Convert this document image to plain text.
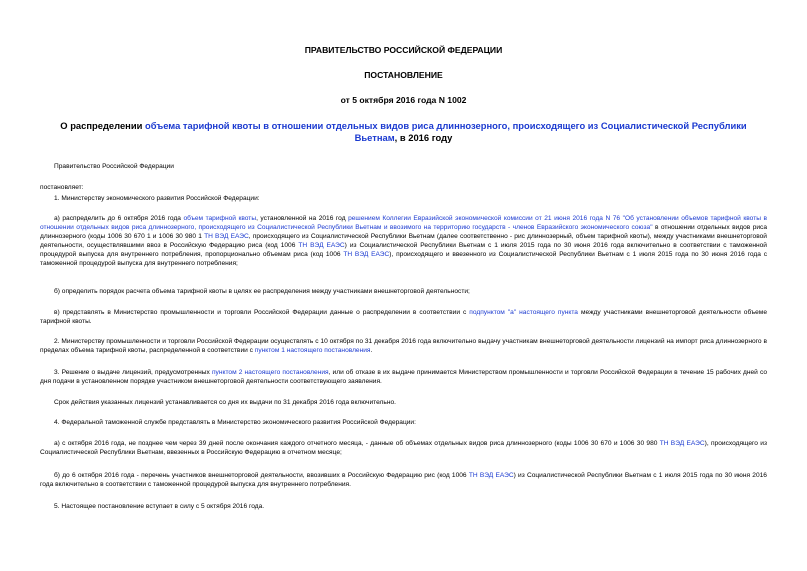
ПРАВИТЕЛЬСТВО РОССИЙСКОЙ ФЕДЕРАЦИИ
ПОСТАНОВЛЕНИЕ
от 5 октября 2016 года N 1002
О распределении объема тарифной квоты в отношении отдельных видов риса длиннозерного, происходящего из Социалистической Республики Вьетнам, в 2016 году
Правительство Российской Федерации
постановляет:
1. Министерству экономического развития Российской Федерации:
а) распределить до 6 октября 2016 года объем тарифной квоты, установленной на 2016 год решением Коллегии Евразийской экономической комиссии от 21 июня 2016 года N 76 "Об установлении объемов тарифной квоты в отношении отдельных видов риса длиннозерного, происходящего из Социалистической Республики Вьетнам и ввозимого на территорию государств - членов Евразийского экономического союза" в отношении отдельных видов риса длиннозерного (коды 1006 30 670 1 и 1006 30 980 1 ТН ВЭД ЕАЭС, происходящего из Социалистической Республики Вьетнам (далее соответственно - рис длиннозерный, объем тарифной квоты), между участниками внешнеторговой деятельности, осуществлявшими ввоз в Российскую Федерацию риса (код 1006 ТН ВЭД ЕАЭС) из Социалистической Республики Вьетнам с 1 июля 2015 года по 30 июня 2016 года включительно в соответствии с таможенной процедурой выпуска для внутреннего потребления, пропорционально объемам риса (код 1006 ТН ВЭД ЕАЭС), происходящего и ввезенного из Социалистической Республики Вьетнам с 1 июля 2015 года по 30 июня 2016 года с таможенной процедурой выпуска для внутреннего потребления;
б) определить порядок расчета объема тарифной квоты в целях ее распределения между участниками внешнеторговой деятельности;
в) представлять в Министерство промышленности и торговли Российской Федерации данные о распределении в соответствии с подпунктом "а" настоящего пункта между участниками внешнеторговой деятельности объеме тарифной квоты.
2. Министерству промышленности и торговли Российской Федерации осуществлять с 10 октября по 31 декабря 2016 года включительно выдачу участникам внешнеторговой деятельности лицензий на импорт риса длиннозерного в пределах объема тарифной квоты, распределенной в соответствии с пунктом 1 настоящего постановления.
3. Решение о выдаче лицензий, предусмотренных пунктом 2 настоящего постановления, или об отказе в их выдаче принимается Министерством промышленности и торговли Российской Федерации в течение 15 рабочих дней со дня подачи в установленном порядке участником внешнеторговой деятельности соответствующего заявления.
Срок действия указанных лицензий устанавливается со дня их выдачи по 31 декабря 2016 года включительно.
4. Федеральной таможенной службе представлять в Министерство экономического развития Российской Федерации:
а) с октября 2016 года, не позднее чем через 39 дней после окончания каждого отчетного месяца, - данные об объемах отдельных видов риса длиннозерного (коды 1006 30 670 и 1006 30 980 ТН ВЭД ЕАЭС), происходящего из Социалистической Республики Вьетнам, ввезенных в Российскую Федерацию в отчетном месяце;
б) до 6 октября 2016 года - перечень участников внешнеторговой деятельности, ввозивших в Российскую Федерацию рис (код 1006 ТН ВЭД ЕАЭС) из Социалистической Республики Вьетнам с 1 июля 2015 года по 30 июня 2016 года включительно в соответствии с таможенной процедурой выпуска для внутреннего потребления.
5. Настоящее постановление вступает в силу с 5 октября 2016 года.
